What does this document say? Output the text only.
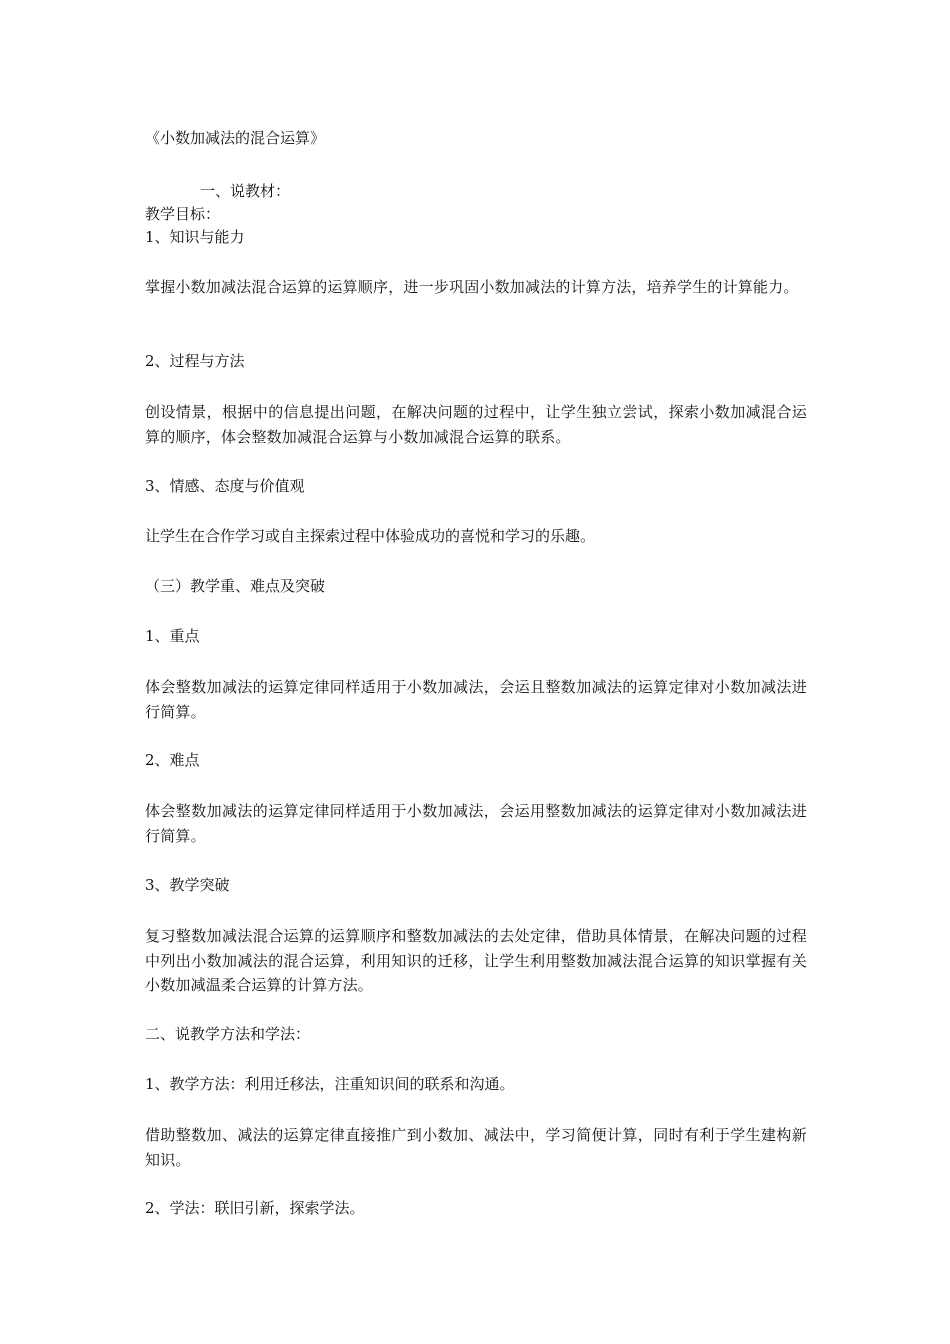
《小数加减法的混合运算》
一、说教材：
教学目标：
1、知识与能力
掌握小数加减法混合运算的运算顺序，进一步巩固小数加减法的计算方法，培养学生的计算能力。
2、过程与方法
创设情景，根据中的信息提出问题，在解决问题的过程中，让学生独立尝试，探索小数加减混合运算的顺序，体会整数加减混合运算与小数加减混合运算的联系。
3、情感、态度与价值观
让学生在合作学习或自主探索过程中体验成功的喜悦和学习的乐趣。
（三）教学重、难点及突破
1、重点
体会整数加减法的运算定律同样适用于小数加减法，会运且整数加减法的运算定律对小数加减法进行简算。
2、难点
体会整数加减法的运算定律同样适用于小数加减法，会运用整数加减法的运算定律对小数加减法进行简算。
3、教学突破
复习整数加减法混合运算的运算顺序和整数加减法的去处定律，借助具体情景，在解决问题的过程中列出小数加减法的混合运算，利用知识的迁移，让学生利用整数加减法混合运算的知识掌握有关小数加减温柔合运算的计算方法。
二、说教学方法和学法：
1、教学方法：利用迁移法，注重知识间的联系和沟通。
借助整数加、减法的运算定律直接推广到小数加、减法中，学习简便计算，同时有利于学生建构新知识。
2、学法：联旧引新，探索学法。
